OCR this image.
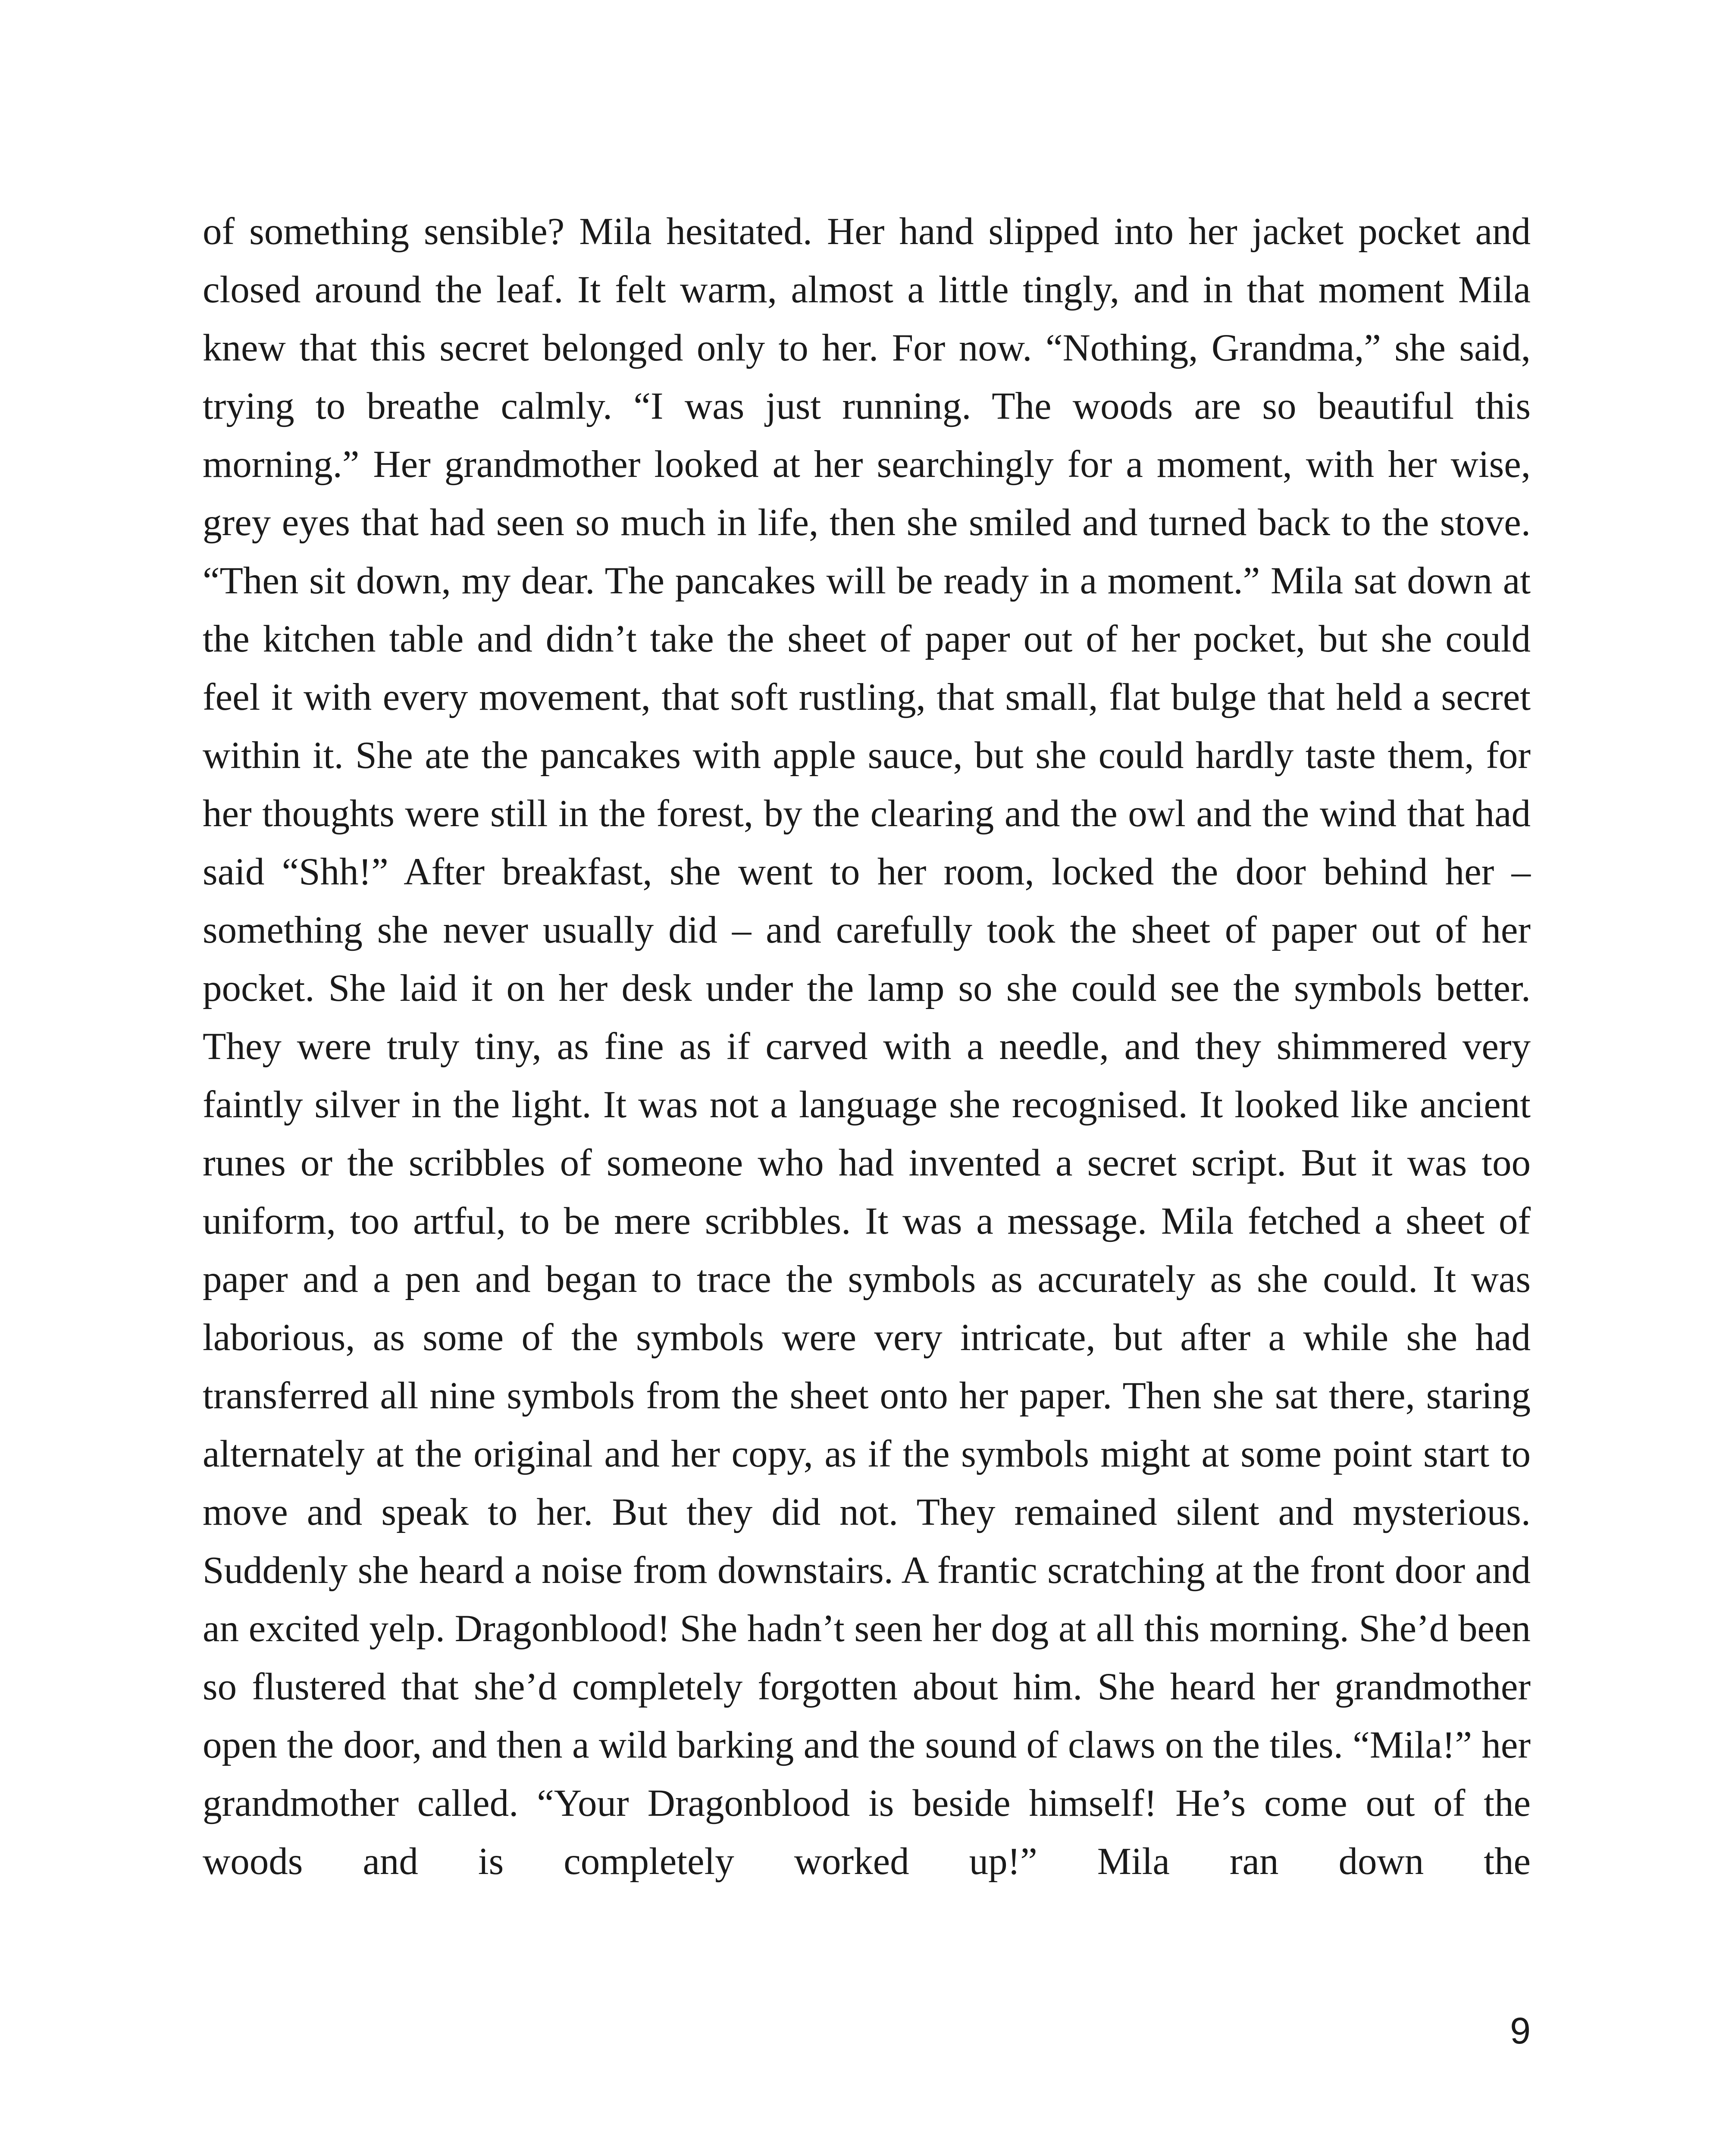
of something sensible? Mila hesitated. Her hand slipped into her jacket pocket and closed around the leaf. It felt warm, almost a little tingly, and in that moment Mila knew that this secret belonged only to her. For now. “Nothing, Grandma,” she said, trying to breathe calmly. “I was just running. The woods are so beautiful this morning.” Her grandmother looked at her searchingly for a moment, with her wise, grey eyes that had seen so much in life, then she smiled and turned back to the stove. “Then sit down, my dear. The pancakes will be ready in a moment.” Mila sat down at the kitchen table and didn’t take the sheet of paper out of her pocket, but she could feel it with every movement, that soft rustling, that small, flat bulge that held a secret within it. She ate the pancakes with apple sauce, but she could hardly taste them, for her thoughts were still in the forest, by the clearing and the owl and the wind that had said “Shh!” After breakfast, she went to her room, locked the door behind her – something she never usually did – and carefully took the sheet of paper out of her pocket. She laid it on her desk under the lamp so she could see the symbols better. They were truly tiny, as fine as if carved with a needle, and they shimmered very faintly silver in the light. It was not a language she recognised. It looked like ancient runes or the scribbles of someone who had invented a secret script. But it was too uniform, too artful, to be mere scribbles. It was a message. Mila fetched a sheet of paper and a pen and began to trace the symbols as accurately as she could. It was laborious, as some of the symbols were very intricate, but after a while she had transferred all nine symbols from the sheet onto her paper. Then she sat there, staring alternately at the original and her copy, as if the symbols might at some point start to move and speak to her. But they did not. They remained silent and mysterious. Suddenly she heard a noise from downstairs. A frantic scratching at the front door and an excited yelp. Dragonblood! She hadn’t seen her dog at all this morning. She’d been so flustered that she’d completely forgotten about him. She heard her grandmother open the door, and then a wild barking and the sound of claws on the tiles. “Mila!” her grandmother called. “Your Dragonblood is beside himself! He’s come out of the woods and is completely worked up!” Mila ran down the

9
